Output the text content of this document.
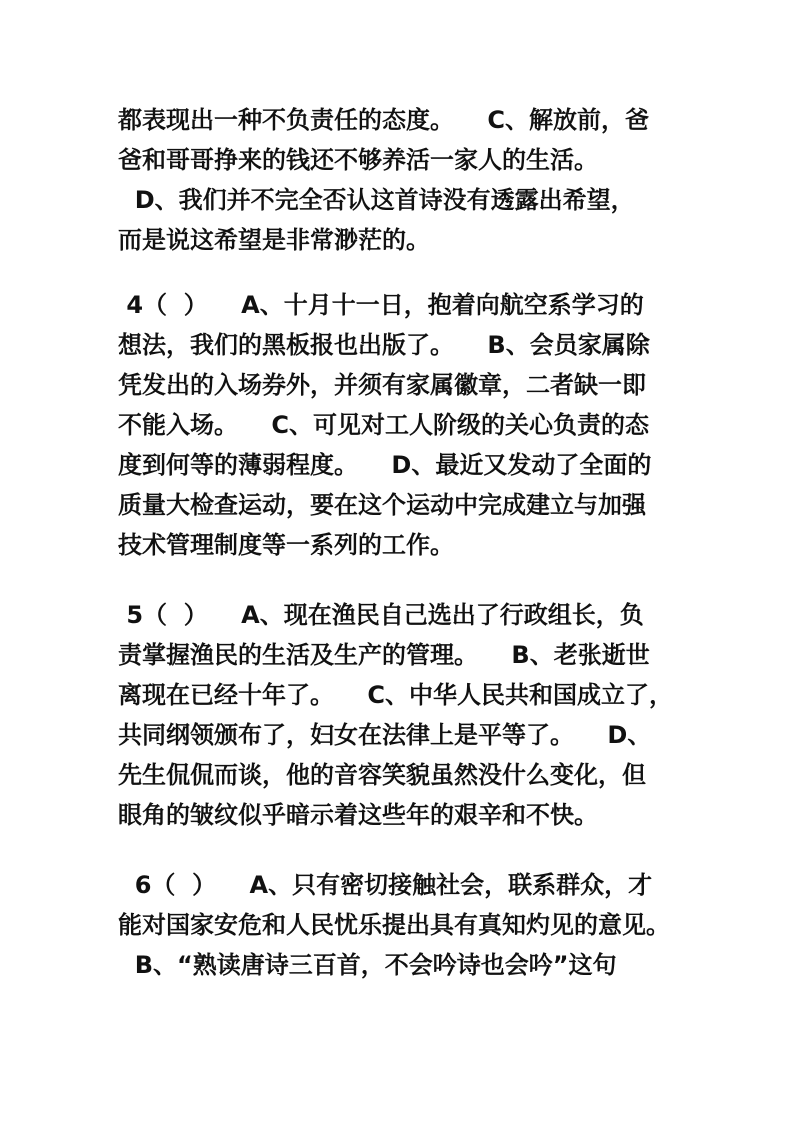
都表现出一种不负责任的态度。    C、解放前，爸
爸和哥哥挣来的钱还不够养活一家人的生活。
D、我们并不完全否认这首诗没有透露出希望，
而是说这希望是非常渺茫的。
4（  ）    A、十月十一日，抱着向航空系学习的
想法，我们的黑板报也出版了。    B、会员家属除
凭发出的入场券外，并须有家属徽章，二者缺一即
不能入场。    C、可见对工人阶级的关心负责的态
度到何等的薄弱程度。    D、最近又发动了全面的
质量大检查运动，要在这个运动中完成建立与加强
技术管理制度等一系列的工作。
5（  ）    A、现在渔民自己选出了行政组长，负
责掌握渔民的生活及生产的管理。    B、老张逝世
离现在已经十年了。    C、中华人民共和国成立了，
共同纲领颁布了，妇女在法律上是平等了。    D、
先生侃侃而谈，他的音容笑貌虽然没什么变化，但
眼角的皱纹似乎暗示着这些年的艰辛和不快。
6（  ）    A、只有密切接触社会，联系群众，才
能对国家安危和人民忧乐提出具有真知灼见的意见。
B、“熟读唐诗三百首，不会吟诗也会吟”这句
